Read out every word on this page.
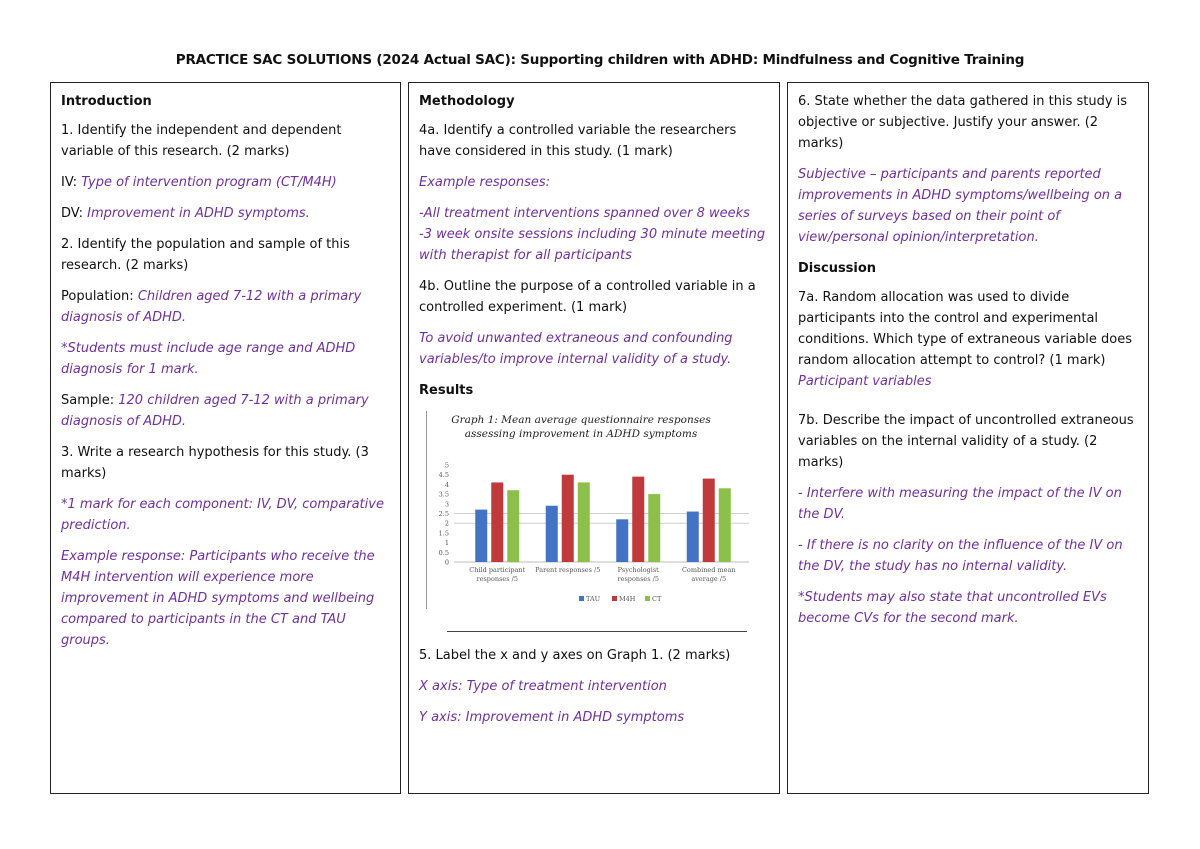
PRACTICE SAC SOLUTIONS (2024 Actual SAC): Supporting children with ADHD: Mindfulness and Cognitive Training
Introduction
1. Identify the independent and dependent variable of this research. (2 marks)
IV: Type of intervention program (CT/M4H)
DV: Improvement in ADHD symptoms.
2. Identify the population and sample of this research. (2 marks)
Population: Children aged 7-12 with a primary diagnosis of ADHD.
*Students must include age range and ADHD diagnosis for 1 mark.
Sample: 120 children aged 7-12 with a primary diagnosis of ADHD.
3. Write a research hypothesis for this study. (3 marks)
*1 mark for each component: IV, DV, comparative prediction.
Example response: Participants who receive the M4H intervention will experience more improvement in ADHD symptoms and wellbeing compared to participants in the CT and TAU groups.
Methodology
4a. Identify a controlled variable the researchers have considered in this study. (1 mark)
Example responses:
-All treatment interventions spanned over 8 weeks
-3 week onsite sessions including 30 minute meeting with therapist for all participants
4b. Outline the purpose of a controlled variable in a controlled experiment. (1 mark)
To avoid unwanted extraneous and confounding variables/to improve internal validity of a study.
Results
Graph 1: Mean average questionnaire responses
assessing improvement in ADHD symptoms
0
0.5
1
1.5
2
2.5
3
3.5
4
4.5
5
Child participant
responses /5
Parent responses /5	Psychologist
responses /5
Combined mean
average /5
TAU	M4H	CT
5. Label the x and y axes on Graph 1. (2 marks)
X axis: Type of treatment intervention
Y axis: Improvement in ADHD symptoms
6. State whether the data gathered in this study is objective or subjective. Justify your answer. (2 marks)
Subjective – participants and parents reported improvements in ADHD symptoms/wellbeing on a series of surveys based on their point of view/personal opinion/interpretation.
Discussion
7a. Random allocation was used to divide participants into the control and experimental conditions. Which type of extraneous variable does random allocation attempt to control? (1 mark)
Participant variables
7b. Describe the impact of uncontrolled extraneous variables on the internal validity of a study. (2 marks)
- Interfere with measuring the impact of the IV on the DV.
- If there is no clarity on the influence of the IV on the DV, the study has no internal validity.
*Students may also state that uncontrolled EVs become CVs for the second mark.
